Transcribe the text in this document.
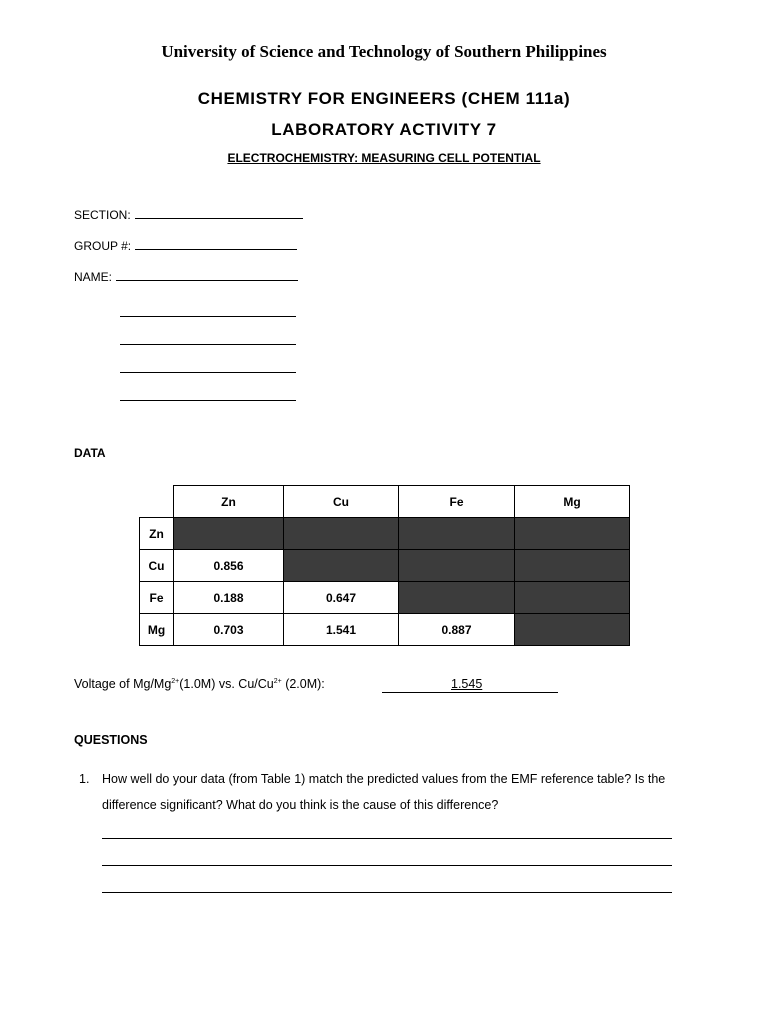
University of Science and Technology of Southern Philippines
CHEMISTRY FOR ENGINEERS (CHEM 111a)
LABORATORY ACTIVITY 7
ELECTROCHEMISTRY: MEASURING CELL POTENTIAL
SECTION:
GROUP #:
NAME:
DATA
	Zn	Cu	Fe	Mg
Zn				
Cu	0.856			
Fe	0.188	0.647		
Mg	0.703	1.541	0.887	
Voltage of $Mg/Mg^{2+}(1.0M)$ vs. $Cu/Cu^{2+}$ (2.0M):	1.545
QUESTIONS
1. How well do your data (from Table 1) match the predicted values from the EMF reference table? Is the difference significant? What do you think is the cause of this difference?
